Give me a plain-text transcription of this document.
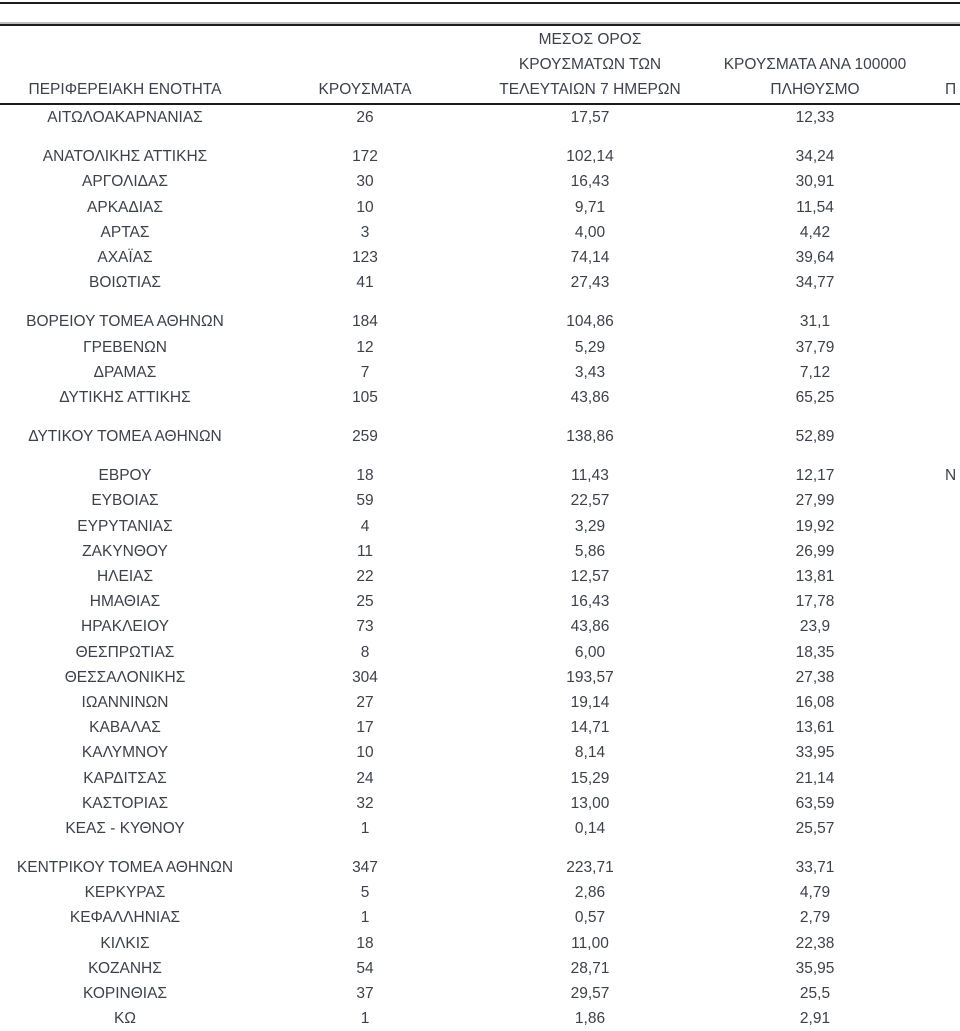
ΠΕΡΙΦΕΡΕΙΑΚΗ ΕΝΟΤΗΤΑ	ΚΡΟΥΣΜΑΤΑ
ΜΕΣΟΣ ΟΡΟΣ
ΚΡΟΥΣΜΑΤΩΝ ΤΩΝ
ΤΕΛΕΥΤΑΙΩΝ 7 ΗΜΕΡΩΝ
ΚΡΟΥΣΜΑΤΑ ΑΝΑ 100000
ΠΛΗΘΥΣΜΟ	Π
ΑΙΤΩΛΟΑΚΑΡΝΑΝΙΑΣ	26	17,57	12,33
ΑΝΑΤΟΛΙΚΗΣ ΑΤΤΙΚΗΣ	172	102,14	34,24
ΑΡΓΟΛΙΔΑΣ	30	16,43	30,91
ΑΡΚΑΔΙΑΣ	10	9,71	11,54
ΑΡΤΑΣ	3	4,00	4,42
ΑΧΑΪΑΣ	123	74,14	39,64
ΒΟΙΩΤΙΑΣ	41	27,43	34,77
ΒΟΡΕΙΟΥ ΤΟΜΕΑ ΑΘΗΝΩΝ	184	104,86	31,1
ΓΡΕΒΕΝΩΝ	12	5,29	37,79
ΔΡΑΜΑΣ	7	3,43	7,12
ΔΥΤΙΚΗΣ ΑΤΤΙΚΗΣ	105	43,86	65,25
ΔΥΤΙΚΟΥ ΤΟΜΕΑ ΑΘΗΝΩΝ	259	138,86	52,89
ΕΒΡΟΥ	18	11,43	12,17	Ν
ΕΥΒΟΙΑΣ	59	22,57	27,99
ΕΥΡΥΤΑΝΙΑΣ	4	3,29	19,92
ΖΑΚΥΝΘΟΥ	11	5,86	26,99
ΗΛΕΙΑΣ	22	12,57	13,81
ΗΜΑΘΙΑΣ	25	16,43	17,78
ΗΡΑΚΛΕΙΟΥ	73	43,86	23,9
ΘΕΣΠΡΩΤΙΑΣ	8	6,00	18,35
ΘΕΣΣΑΛΟΝΙΚΗΣ	304	193,57	27,38
ΙΩΑΝΝΙΝΩΝ	27	19,14	16,08
ΚΑΒΑΛΑΣ	17	14,71	13,61
ΚΑΛΥΜΝΟΥ	10	8,14	33,95
ΚΑΡΔΙΤΣΑΣ	24	15,29	21,14
ΚΑΣΤΟΡΙΑΣ	32	13,00	63,59
ΚΕΑΣ - ΚΥΘΝΟΥ	1	0,14	25,57
ΚΕΝΤΡΙΚΟΥ ΤΟΜΕΑ ΑΘΗΝΩΝ	347	223,71	33,71
ΚΕΡΚΥΡΑΣ	5	2,86	4,79
ΚΕΦΑΛΛΗΝΙΑΣ	1	0,57	2,79
ΚΙΛΚΙΣ	18	11,00	22,38
ΚΟΖΑΝΗΣ	54	28,71	35,95
ΚΟΡΙΝΘΙΑΣ	37	29,57	25,5
ΚΩ	1	1,86	2,91
